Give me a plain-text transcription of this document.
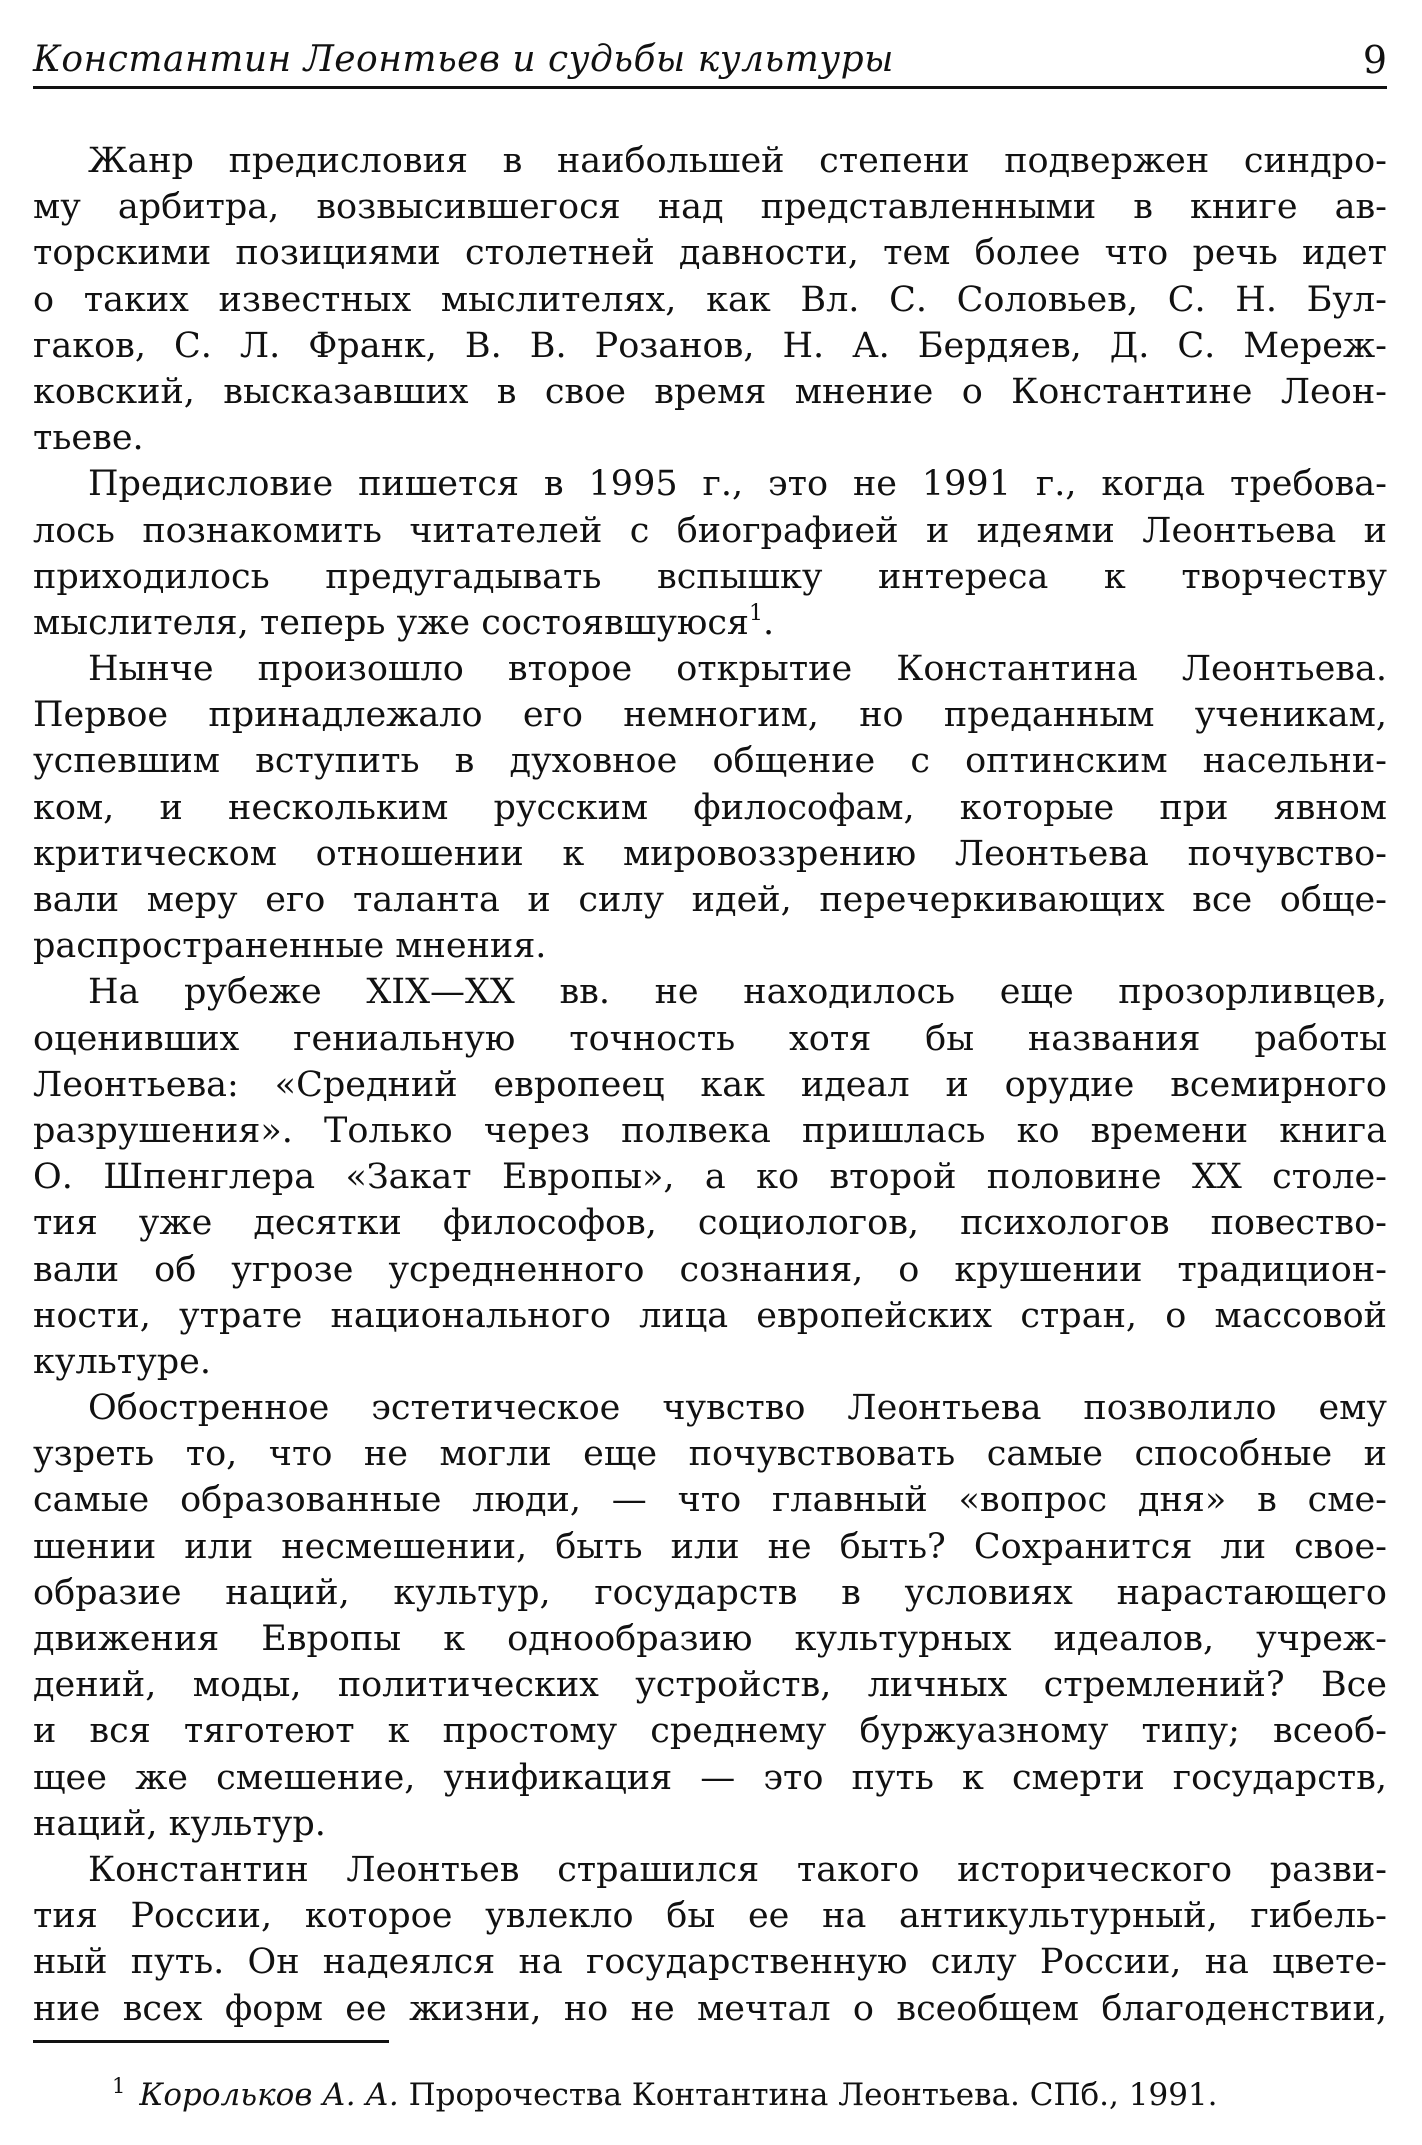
Константин Леонтьев и судьбы культуры	9
Жанр предисловия в наибольшей степени подвержен синдро-
му арбитра, возвысившегося над представленными в книге ав-
торскими позициями столетней давности, тем более что речь идет
о таких известных мыслителях, как Вл. С. Соловьев, С. Н. Бул-
гаков, С. Л. Франк, В. В. Розанов, Н. А. Бердяев, Д. С. Мереж-
ковский, высказавших в свое время мнение о Константине Леон-
тьеве.
Предисловие пишется в 1995 г., это не 1991 г., когда требова-
лось познакомить читателей с биографией и идеями Леонтьева и
приходилось предугадывать вспышку интереса к творчеству
мыслителя, теперь уже состоявшуюся$^1$.
Нынче произошло второе открытие Константина Леонтьева.
Первое принадлежало его немногим, но преданным ученикам,
успевшим вступить в духовное общение с оптинским насельни-
ком, и нескольким русским философам, которые при явном
критическом отношении к мировоззрению Леонтьева почувство-
вали меру его таланта и силу идей, перечеркивающих все обще-
распространенные мнения.
На рубеже XIX—XX вв. не находилось еще прозорливцев,
оценивших гениальную точность хотя бы названия работы
Леонтьева: «Средний европеец как идеал и орудие всемирного
разрушения». Только через полвека пришлась ко времени книга
О. Шпенглера «Закат Европы», а ко второй половине XX столе-
тия уже десятки философов, социологов, психологов повество-
вали об угрозе усредненного сознания, о крушении традицион-
ности, утрате национального лица европейских стран, о массовой
культуре.
Обостренное эстетическое чувство Леонтьева позволило ему
узреть то, что не могли еще почувствовать самые способные и
самые образованные люди, — что главный «вопрос дня» в сме-
шении или несмешении, быть или не быть? Сохранится ли свое-
образие наций, культур, государств в условиях нарастающего
движения Европы к однообразию культурных идеалов, учреж-
дений, моды, политических устройств, личных стремлений? Все
и вся тяготеют к простому среднему буржуазному типу; всеоб-
щее же смешение, унификация — это путь к смерти государств,
наций, культур.
Константин Леонтьев страшился такого исторического разви-
тия России, которое увлекло бы ее на антикультурный, гибель-
ный путь. Он надеялся на государственную силу России, на цвете-
ние всех форм ее жизни, но не мечтал о всеобщем благоденствии,
$^1$ Корольков А. А. Пророчества Контантина Леонтьева. СПб., 1991.
